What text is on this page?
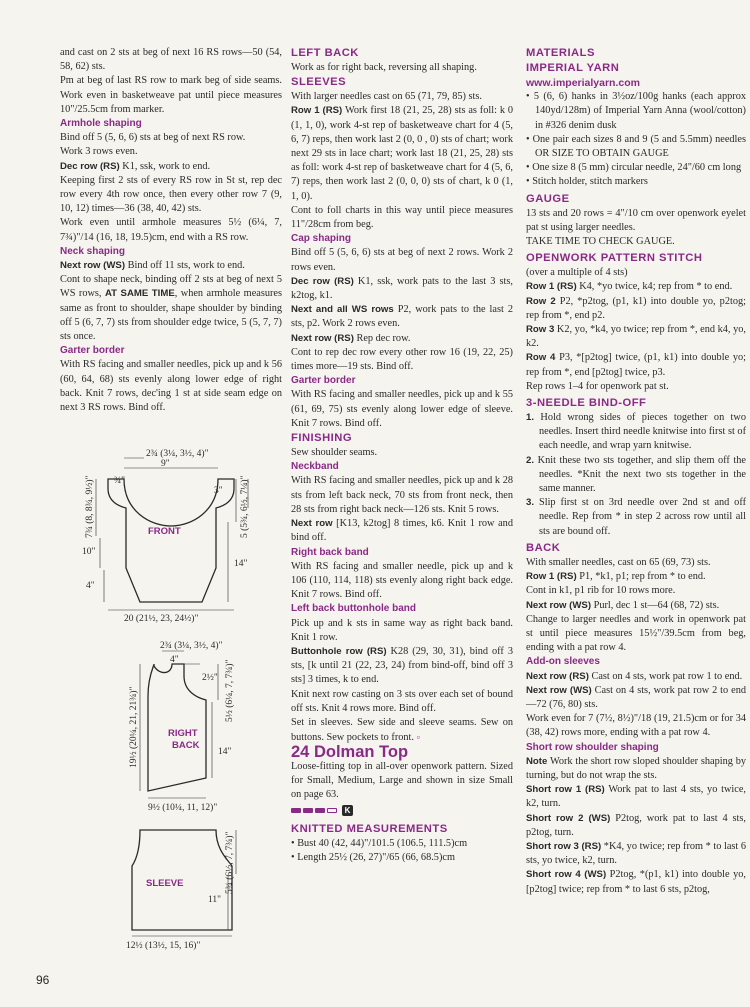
and cast on 2 sts at beg of next 16 RS rows—50 (54, 58, 62) sts.

Pm at beg of last RS row to mark beg of side seams. Work even in basketweave pat until piece measures 10"/25.5cm from marker.

Armhole shaping

Bind off 5 (5, 6, 6) sts at beg of next RS row.

Work 3 rows even.

Dec row (RS) K1, ssk, work to end.

Keeping first 2 sts of every RS row in St st, rep dec row every 4th row once, then every other row 7 (9, 10, 12) times—36 (38, 40, 42) sts.

Work even until armhole measures 5½ (6¼, 7, 7¾)"/14 (16, 18, 19.5)cm, end with a RS row.

Neck shaping

Next row (WS) Bind off 11 sts, work to end.

Cont to shape neck, binding off 2 sts at beg of next 5 WS rows, AT SAME TIME, when armhole measures same as front to shoulder, shape shoulder by binding off 5 (6, 7, 7) sts from shoulder edge twice, 5 (5, 7, 7) sts once.

Garter border

With RS facing and smaller needles, pick up and k 56 (60, 64, 68) sts evenly along lower edge of right back. Knit 7 rows, dec'ing 1 st at side seam edge on next 3 RS rows. Bind off.

2¾ (3¼, 3½, 4)"
9"
3"
¾"
7¾ (8, 8¾, 9½)"	5 (5¾, 6½, 7¼)"
10"
14"
4"
20 (21½, 23, 24½)"
FRONT
2¾ (3¼, 3½, 4)"
4"
2½" 5½ (6¼, 7, 7¾)"
19½ (20¼, 21, 21¾)"	14"
9½ (10¼, 11, 12)"
RIGHT
BACK
5¾ (6½, 7, 7¾)"
11"
12½ (13½, 15, 16)"
SLEEVE

LEFT BACK

Work as for right back, reversing all shaping.

SLEEVES

With larger needles cast on 65 (71, 79, 85) sts.

Row 1 (RS) Work first 18 (21, 25, 28) sts as foll: k 0 (1, 1, 0), work 4-st rep of basketweave chart for 4 (5, 6, 7) reps, then work last 2 (0, 0 , 0) sts of chart; work next 29 sts in lace chart; work last 18 (21, 25, 28) sts as foll: work 4-st rep of basketweave chart for 4 (5, 6, 7) reps, then work last 2 (0, 0, 0) sts of chart, k 0 (1, 1, 0).

Cont to foll charts in this way until piece measures 11"/28cm from beg.

Cap shaping

Bind off 5 (5, 6, 6) sts at beg of next 2 rows. Work 2 rows even.

Dec row (RS) K1, ssk, work pats to the last 3 sts, k2tog, k1.

Next and all WS rows P2, work pats to the last 2 sts, p2. Work 2 rows even.

Next row (RS) Rep dec row.

Cont to rep dec row every other row 16 (19, 22, 25) times more—19 sts. Bind off.

Garter border

With RS facing and smaller needles, pick up and k 55 (61, 69, 75) sts evenly along lower edge of sleeve. Knit 7 rows. Bind off.

FINISHING

Sew shoulder seams.

Neckband

With RS facing and smaller needles, pick up and k 28 sts from left back neck, 70 sts from front neck, then 28 sts from right back neck—126 sts. Knit 5 rows.

Next row [K13, k2tog] 8 times, k6. Knit 1 row and bind off.

Right back band

With RS facing and smaller needle, pick up and k 106 (110, 114, 118) sts evenly along right back edge. Knit 7 rows. Bind off.

Left back buttonhole band

Pick up and k sts in same way as right back band. Knit 1 row.

Buttonhole row (RS) K28 (29, 30, 31), bind off 3 sts, [k until 21 (22, 23, 24) from bind-off, bind off 3 sts] 3 times, k to end.

Knit next row casting on 3 sts over each set of bound off sts. Knit 4 rows more. Bind off.

Set in sleeves. Sew side and sleeve seams. Sew on buttons. Sew pockets to front. ▫

24 Dolman Top

Loose-fitting top in all-over openwork pattern. Sized for Small, Medium, Large and shown in size Small on page 63.

K

KNITTED MEASUREMENTS

• Bust 40 (42, 44)"/101.5 (106.5, 111.5)cm

• Length 25½ (26, 27)"/65 (66, 68.5)cm

MATERIALS

IMPERIAL YARN

www.imperialyarn.com

• 5 (6, 6) hanks in 3½oz/100g hanks (each approx 140yd/128m) of Imperial Yarn Anna (wool/cotton) in #326 denim dusk

• One pair each sizes 8 and 9 (5 and 5.5mm) needles OR SIZE TO OBTAIN GAUGE

• One size 8 (5 mm) circular needle, 24"/60 cm long

• Stitch holder, stitch markers

GAUGE

13 sts and 20 rows = 4"/10 cm over openwork eyelet pat st using larger needles.

TAKE TIME TO CHECK GAUGE.

OPENWORK PATTERN STITCH

(over a multiple of 4 sts)

Row 1 (RS) K4, *yo twice, k4; rep from * to end.

Row 2 P2, *p2tog, (p1, k1) into double yo, p2tog; rep from *, end p2.

Row 3 K2, yo, *k4, yo twice; rep from *, end k4, yo, k2.

Row 4 P3, *[p2tog] twice, (p1, k1) into double yo; rep from *, end [p2tog] twice, p3.

Rep rows 1–4 for openwork pat st.

3-NEEDLE BIND-OFF

1. Hold wrong sides of pieces together on two needles. Insert third needle knitwise into first st of each needle, and wrap yarn knitwise.

2. Knit these two sts together, and slip them off the needles. *Knit the next two sts together in the same manner.

3. Slip first st on 3rd needle over 2nd st and off needle. Rep from * in step 2 across row until all sts are bound off.

BACK

With smaller needles, cast on 65 (69, 73) sts.

Row 1 (RS) P1, *k1, p1; rep from * to end.

Cont in k1, p1 rib for 10 rows more.

Next row (WS) Purl, dec 1 st—64 (68, 72) sts.

Change to larger needles and work in openwork pat st until piece measures 15½"/39.5cm from beg, ending with a pat row 4.

Add-on sleeves

Next row (RS) Cast on 4 sts, work pat row 1 to end.

Next row (WS) Cast on 4 sts, work pat row 2 to end—72 (76, 80) sts.

Work even for 7 (7½, 8½)"/18 (19, 21.5)cm or for 34 (38, 42) rows more, ending with a pat row 4.

Short row shoulder shaping

Note Work the short row sloped shoulder shaping by turning, but do not wrap the sts.

Short row 1 (RS) Work pat to last 4 sts, yo twice, k2, turn.

Short row 2 (WS) P2tog, work pat to last 4 sts, p2tog, turn.

Short row 3 (RS) *K4, yo twice; rep from * to last 6 sts, yo twice, k2, turn.

Short row 4 (WS) P2tog, *(p1, k1) into double yo, [p2tog] twice; rep from * to last 6 sts, p2tog,

96
